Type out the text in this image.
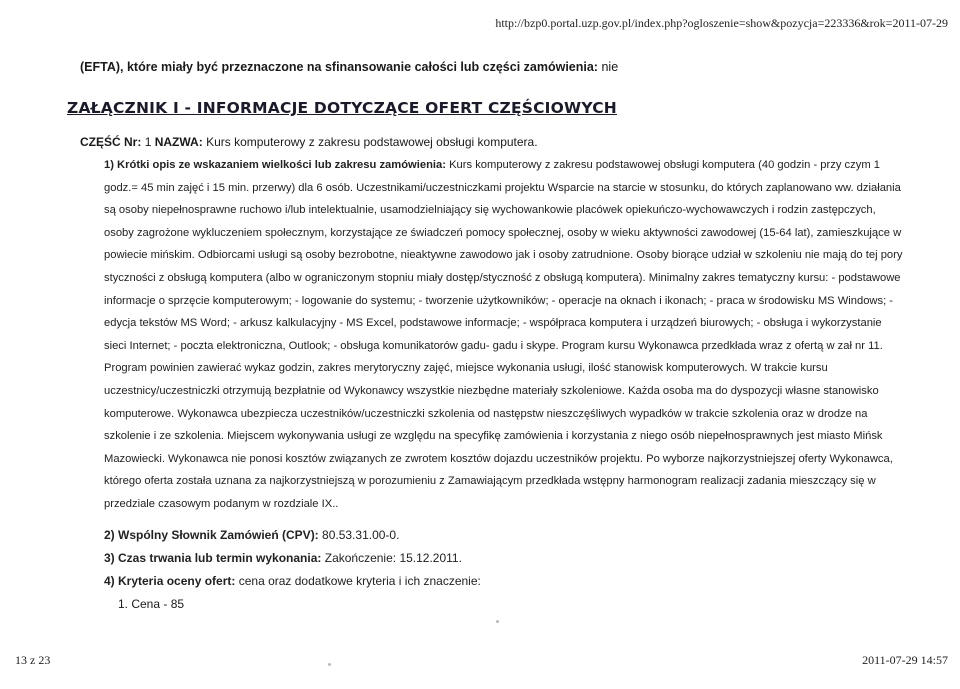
http://bzp0.portal.uzp.gov.pl/index.php?ogloszenie=show&pozycja=223336&rok=2011-07-29
(EFTA), które miały być przeznaczone na sfinansowanie całości lub części zamówienia: nie
ZAŁĄCZNIK I - INFORMACJE DOTYCZĄCE OFERT CZĘŚCIOWYCH
CZĘŚĆ Nr: 1 NAZWA: Kurs komputerowy z zakresu podstawowej obsługi komputera.
1) Krótki opis ze wskazaniem wielkości lub zakresu zamówienia: Kurs komputerowy z zakresu podstawowej obsługi komputera (40 godzin - przy czym 1 godz.= 45 min zajęć i 15 min. przerwy) dla 6 osób. Uczestnikami/uczestniczkami projektu Wsparcie na starcie w stosunku, do których zaplanowano ww. działania są osoby niepełnosprawne ruchowo i/lub intelektualnie, usamodzielniający się wychowankowie placówek opiekuńczo-wychowawczych i rodzin zastępczych, osoby zagrożone wykluczeniem społecznym, korzystające ze świadczeń pomocy społecznej, osoby w wieku aktywności zawodowej (15-64 lat), zamieszkujące w powiecie mińskim. Odbiorcami usługi są osoby bezrobotne, nieaktywne zawodowo jak i osoby zatrudnione. Osoby biorące udział w szkoleniu nie mają do tej pory styczności z obsługą komputera (albo w ograniczonym stopniu miały dostęp/styczność z obsługą komputera). Minimalny zakres tematyczny kursu: - podstawowe informacje o sprzęcie komputerowym; - logowanie do systemu; - tworzenie użytkowników; - operacje na oknach i ikonach; - praca w środowisku MS Windows; - edycja tekstów MS Word; - arkusz kalkulacyjny - MS Excel, podstawowe informacje; - współpraca komputera i urządzeń biurowych; - obsługa i wykorzystanie sieci Internet; - poczta elektroniczna, Outlook; - obsługa komunikatorów gadu- gadu i skype. Program kursu Wykonawca przedkłada wraz z ofertą w zał nr 11. Program powinien zawierać wykaz godzin, zakres merytoryczny zajęć, miejsce wykonania usługi, ilość stanowisk komputerowych. W trakcie kursu uczestnicy/uczestniczki otrzymują bezpłatnie od Wykonawcy wszystkie niezbędne materiały szkoleniowe. Każda osoba ma do dyspozycji własne stanowisko komputerowe. Wykonawca ubezpiecza uczestników/uczestniczki szkolenia od następstw nieszczęśliwych wypadków w trakcie szkolenia oraz w drodze na szkolenie i ze szkolenia. Miejscem wykonywania usługi ze względu na specyfikę zamówienia i korzystania z niego osób niepełnosprawnych jest miasto Mińsk Mazowiecki. Wykonawca nie ponosi kosztów związanych ze zwrotem kosztów dojazdu uczestników projektu. Po wyborze najkorzystniejszej oferty Wykonawca, którego oferta została uznana za najkorzystniejszą w porozumieniu z Zamawiającym przedkłada wstępny harmonogram realizacji zadania mieszczący się w przedziale czasowym podanym w rozdziale IX..
2) Wspólny Słownik Zamówień (CPV): 80.53.31.00-0.
3) Czas trwania lub termin wykonania: Zakończenie: 15.12.2011.
4) Kryteria oceny ofert: cena oraz dodatkowe kryteria i ich znaczenie:
1. Cena - 85
13 z 23	2011-07-29 14:57
